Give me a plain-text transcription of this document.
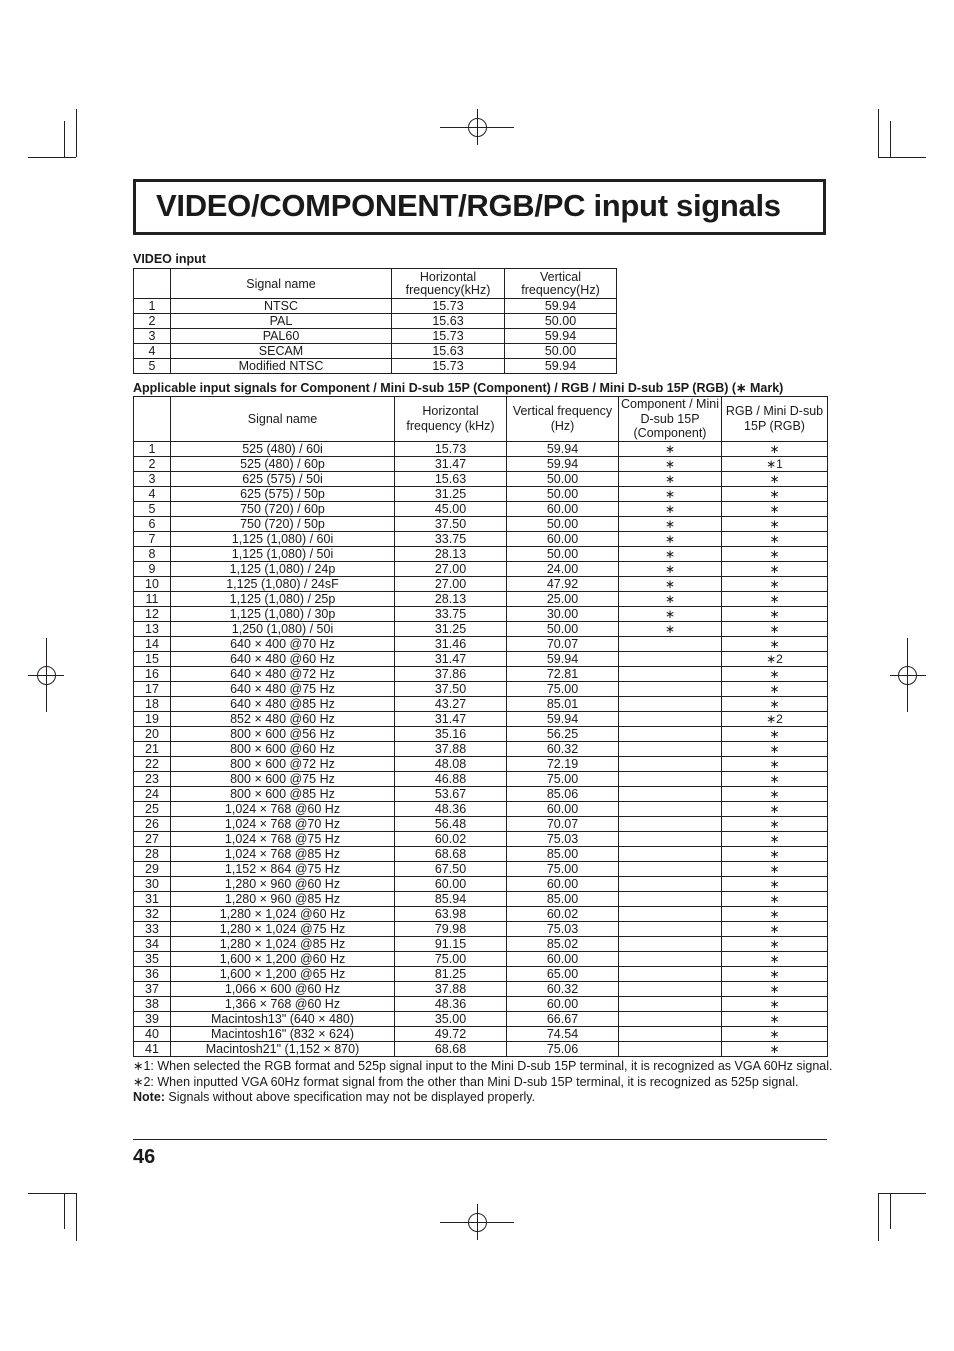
VIDEO/COMPONENT/RGB/PC input signals
VIDEO input
	Signal name	Horizontal frequency(kHz)	Vertical frequency(Hz)
1	NTSC	15.73	59.94
2	PAL	15.63	50.00
3	PAL60	15.73	59.94
4	SECAM	15.63	50.00
5	Modified NTSC	15.73	59.94
Applicable input signals for Component / Mini D-sub 15P (Component) / RGB / Mini D-sub 15P (RGB) (∗ Mark)
	Signal name	Horizontal frequency (kHz)	Vertical frequency (Hz)	Component / Mini D-sub 15P (Component)	RGB / Mini D-sub 15P (RGB)
1	525 (480) / 60i	15.73	59.94	∗	∗
2	525 (480) / 60p	31.47	59.94	∗	∗1
3	625 (575) / 50i	15.63	50.00	∗	∗
4	625 (575) / 50p	31.25	50.00	∗	∗
5	750 (720) / 60p	45.00	60.00	∗	∗
6	750 (720) / 50p	37.50	50.00	∗	∗
7	1,125 (1,080) / 60i	33.75	60.00	∗	∗
8	1,125 (1,080) / 50i	28.13	50.00	∗	∗
9	1,125 (1,080) / 24p	27.00	24.00	∗	∗
10	1,125 (1,080) / 24sF	27.00	47.92	∗	∗
11	1,125 (1,080) / 25p	28.13	25.00	∗	∗
12	1,125 (1,080) / 30p	33.75	30.00	∗	∗
13	1,250 (1,080) / 50i	31.25	50.00	∗	∗
14	640 × 400 @70 Hz	31.46	70.07		∗
15	640 × 480 @60 Hz	31.47	59.94		∗2
16	640 × 480 @72 Hz	37.86	72.81		∗
17	640 × 480 @75 Hz	37.50	75.00		∗
18	640 × 480 @85 Hz	43.27	85.01		∗
19	852 × 480 @60 Hz	31.47	59.94		∗2
20	800 × 600 @56 Hz	35.16	56.25		∗
21	800 × 600 @60 Hz	37.88	60.32		∗
22	800 × 600 @72 Hz	48.08	72.19		∗
23	800 × 600 @75 Hz	46.88	75.00		∗
24	800 × 600 @85 Hz	53.67	85.06		∗
25	1,024 × 768 @60 Hz	48.36	60.00		∗
26	1,024 × 768 @70 Hz	56.48	70.07		∗
27	1,024 × 768 @75 Hz	60.02	75.03		∗
28	1,024 × 768 @85 Hz	68.68	85.00		∗
29	1,152 × 864 @75 Hz	67.50	75.00		∗
30	1,280 × 960 @60 Hz	60.00	60.00		∗
31	1,280 × 960 @85 Hz	85.94	85.00		∗
32	1,280 × 1,024 @60 Hz	63.98	60.02		∗
33	1,280 × 1,024 @75 Hz	79.98	75.03		∗
34	1,280 × 1,024 @85 Hz	91.15	85.02		∗
35	1,600 × 1,200 @60 Hz	75.00	60.00		∗
36	1,600 × 1,200 @65 Hz	81.25	65.00		∗
37	1,066 × 600 @60 Hz	37.88	60.32		∗
38	1,366 × 768 @60 Hz	48.36	60.00		∗
39	Macintosh13" (640 × 480)	35.00	66.67		∗
40	Macintosh16" (832 × 624)	49.72	74.54		∗
41	Macintosh21" (1,152 × 870)	68.68	75.06		∗
∗1: When selected the RGB format and 525p signal input to the Mini D-sub 15P terminal, it is recognized as VGA 60Hz signal.
∗2: When inputted VGA 60Hz format signal from the other than Mini D-sub 15P terminal, it is recognized as 525p signal.
Note: Signals without above specification may not be displayed properly.
46
